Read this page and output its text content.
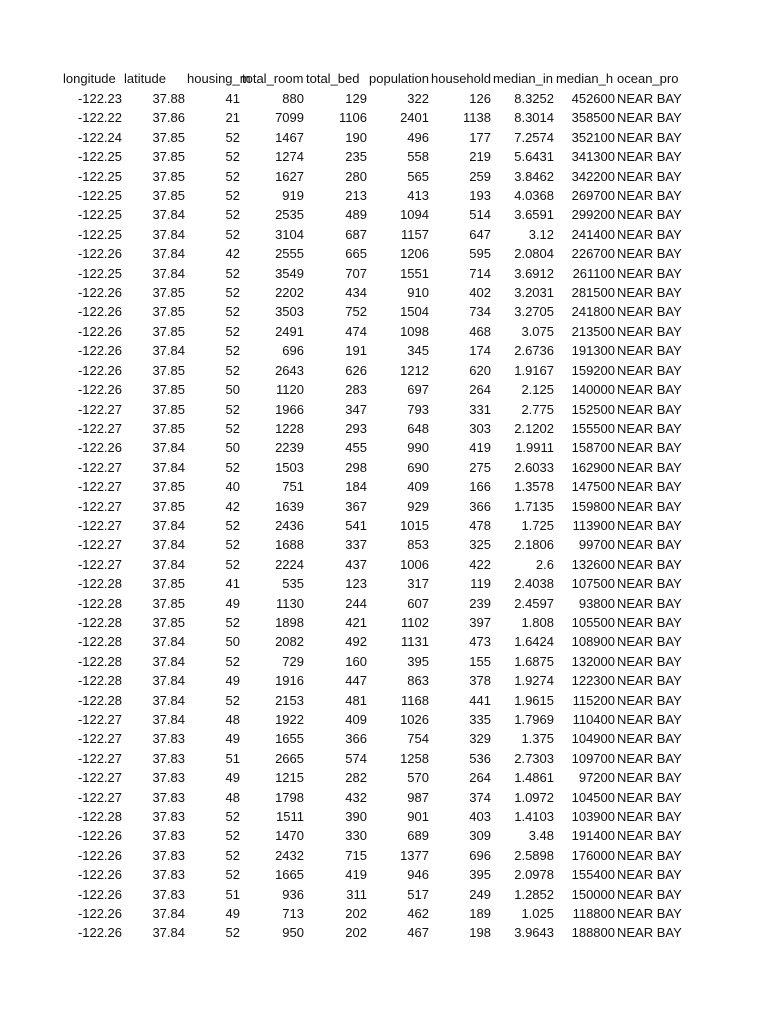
longitude	latitude	housing_m	total_room	total_bed	population	household	median_in	median_h	ocean_pro
-122.23	37.88	41	880	129	322	126	8.3252	452600	NEAR BAY
-122.22	37.86	21	7099	1106	2401	1138	8.3014	358500	NEAR BAY
-122.24	37.85	52	1467	190	496	177	7.2574	352100	NEAR BAY
-122.25	37.85	52	1274	235	558	219	5.6431	341300	NEAR BAY
-122.25	37.85	52	1627	280	565	259	3.8462	342200	NEAR BAY
-122.25	37.85	52	919	213	413	193	4.0368	269700	NEAR BAY
-122.25	37.84	52	2535	489	1094	514	3.6591	299200	NEAR BAY
-122.25	37.84	52	3104	687	1157	647	3.12	241400	NEAR BAY
-122.26	37.84	42	2555	665	1206	595	2.0804	226700	NEAR BAY
-122.25	37.84	52	3549	707	1551	714	3.6912	261100	NEAR BAY
-122.26	37.85	52	2202	434	910	402	3.2031	281500	NEAR BAY
-122.26	37.85	52	3503	752	1504	734	3.2705	241800	NEAR BAY
-122.26	37.85	52	2491	474	1098	468	3.075	213500	NEAR BAY
-122.26	37.84	52	696	191	345	174	2.6736	191300	NEAR BAY
-122.26	37.85	52	2643	626	1212	620	1.9167	159200	NEAR BAY
-122.26	37.85	50	1120	283	697	264	2.125	140000	NEAR BAY
-122.27	37.85	52	1966	347	793	331	2.775	152500	NEAR BAY
-122.27	37.85	52	1228	293	648	303	2.1202	155500	NEAR BAY
-122.26	37.84	50	2239	455	990	419	1.9911	158700	NEAR BAY
-122.27	37.84	52	1503	298	690	275	2.6033	162900	NEAR BAY
-122.27	37.85	40	751	184	409	166	1.3578	147500	NEAR BAY
-122.27	37.85	42	1639	367	929	366	1.7135	159800	NEAR BAY
-122.27	37.84	52	2436	541	1015	478	1.725	113900	NEAR BAY
-122.27	37.84	52	1688	337	853	325	2.1806	99700	NEAR BAY
-122.27	37.84	52	2224	437	1006	422	2.6	132600	NEAR BAY
-122.28	37.85	41	535	123	317	119	2.4038	107500	NEAR BAY
-122.28	37.85	49	1130	244	607	239	2.4597	93800	NEAR BAY
-122.28	37.85	52	1898	421	1102	397	1.808	105500	NEAR BAY
-122.28	37.84	50	2082	492	1131	473	1.6424	108900	NEAR BAY
-122.28	37.84	52	729	160	395	155	1.6875	132000	NEAR BAY
-122.28	37.84	49	1916	447	863	378	1.9274	122300	NEAR BAY
-122.28	37.84	52	2153	481	1168	441	1.9615	115200	NEAR BAY
-122.27	37.84	48	1922	409	1026	335	1.7969	110400	NEAR BAY
-122.27	37.83	49	1655	366	754	329	1.375	104900	NEAR BAY
-122.27	37.83	51	2665	574	1258	536	2.7303	109700	NEAR BAY
-122.27	37.83	49	1215	282	570	264	1.4861	97200	NEAR BAY
-122.27	37.83	48	1798	432	987	374	1.0972	104500	NEAR BAY
-122.28	37.83	52	1511	390	901	403	1.4103	103900	NEAR BAY
-122.26	37.83	52	1470	330	689	309	3.48	191400	NEAR BAY
-122.26	37.83	52	2432	715	1377	696	2.5898	176000	NEAR BAY
-122.26	37.83	52	1665	419	946	395	2.0978	155400	NEAR BAY
-122.26	37.83	51	936	311	517	249	1.2852	150000	NEAR BAY
-122.26	37.84	49	713	202	462	189	1.025	118800	NEAR BAY
-122.26	37.84	52	950	202	467	198	3.9643	188800	NEAR BAY
